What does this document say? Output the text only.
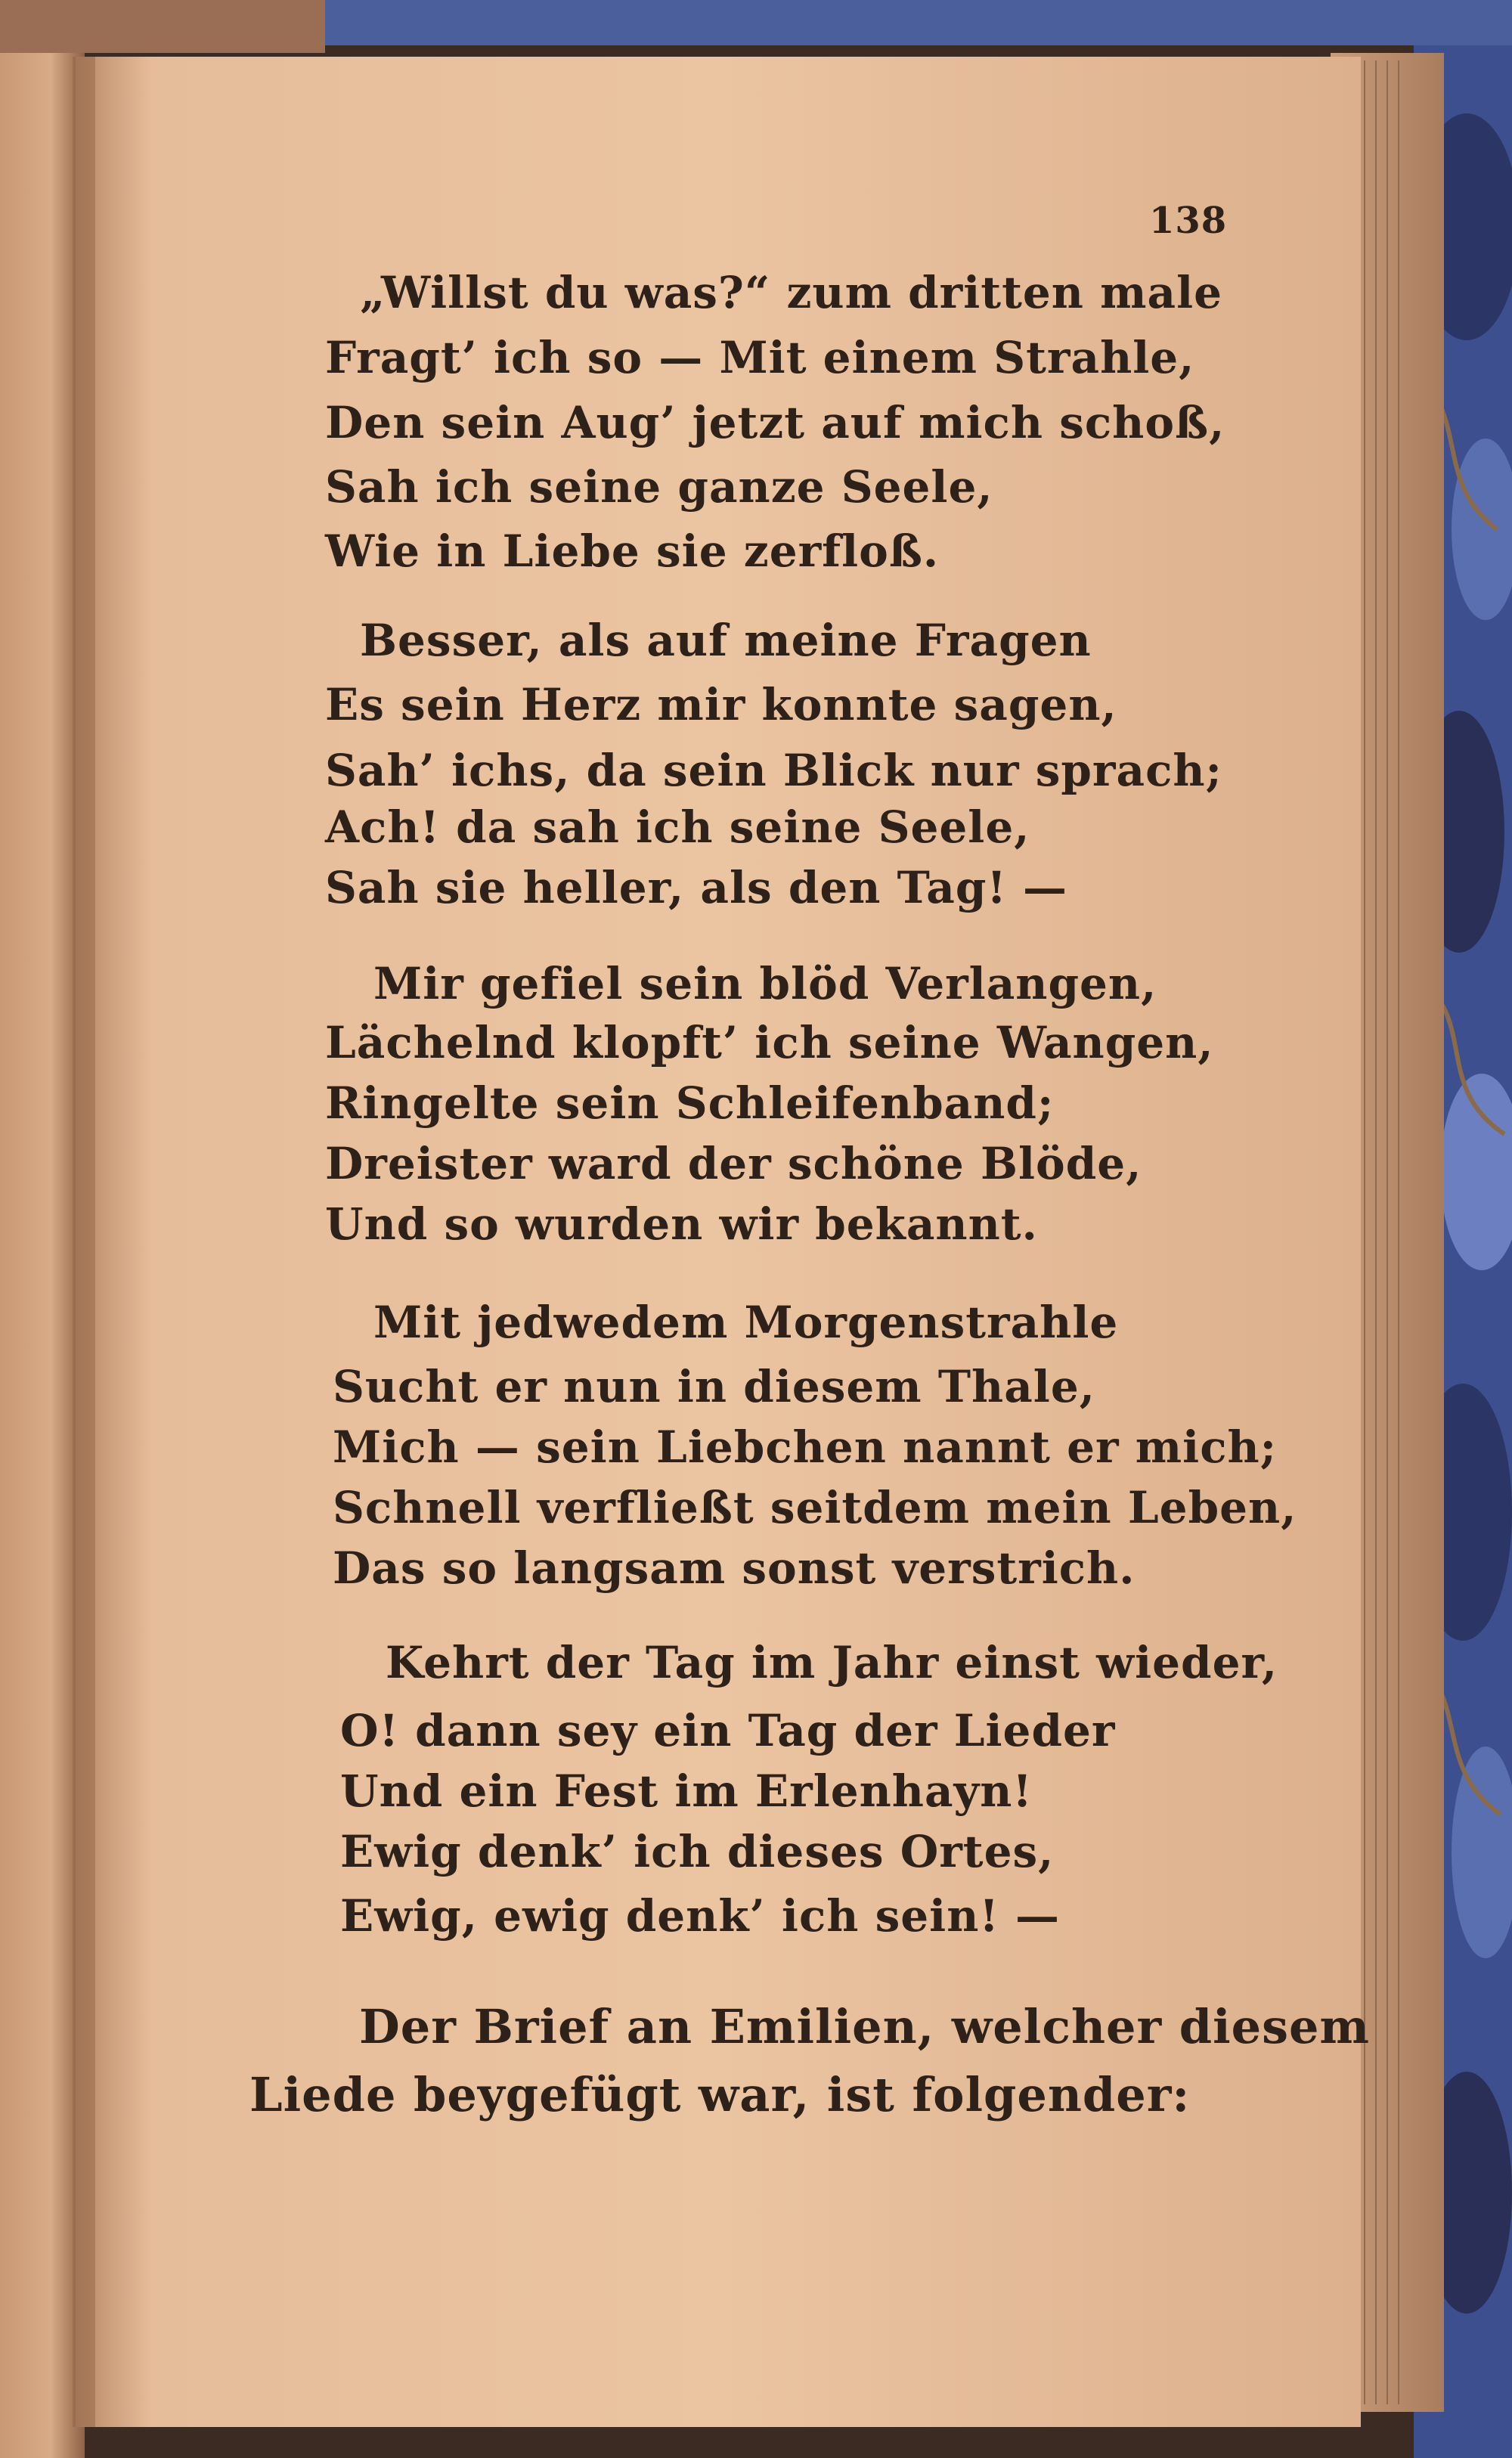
138
„Willst du was?“ zum dritten male
Fragt’ ich so — Mit einem Strahle,
Den sein Aug’ jetzt auf mich schoß,
Sah ich seine ganze Seele,
Wie in Liebe sie zerfloß.
Besser, als auf meine Fragen
Es sein Herz mir konnte sagen,
Sah’ ichs, da sein Blick nur sprach;
Ach! da sah ich seine Seele,
Sah sie heller, als den Tag! —
Mir gefiel sein blöd Verlangen,
Lächelnd klopft’ ich seine Wangen,
Ringelte sein Schleifenband;
Dreister ward der schöne Blöde,
Und so wurden wir bekannt.
Mit jedwedem Morgenstrahle
Sucht er nun in diesem Thale,
Mich — sein Liebchen nannt er mich;
Schnell verfließt seitdem mein Leben,
Das so langsam sonst verstrich.
Kehrt der Tag im Jahr einst wieder,
O! dann sey ein Tag der Lieder
Und ein Fest im Erlenhayn!
Ewig denk’ ich dieses Ortes,
Ewig, ewig denk’ ich sein! —
Der Brief an Emilien, welcher diesem
Liede beygefügt war, ist folgender:
